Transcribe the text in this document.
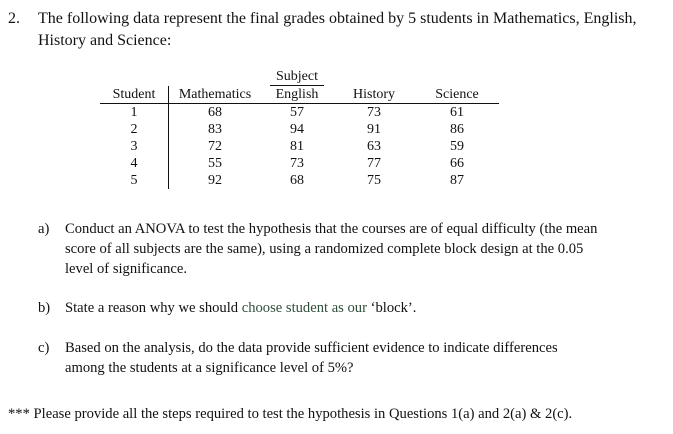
2. The following data represent the final grades obtained by 5 students in Mathematics, English,
History and Science:
		Subject		
Student	Mathematics	English	History	Science
1	68	57	73	61
2	83	94	91	86
3	72	81	63	59
4	55	73	77	66
5	92	68	75	87
a) Conduct an ANOVA to test the hypothesis that the courses are of equal difficulty (the mean
score of all subjects are the same), using a randomized complete block design at the 0.05
level of significance.
b) State a reason why we should choose student as our ‘block’.
c) Based on the analysis, do the data provide sufficient evidence to indicate differences
among the students at a significance level of 5%?
*** Please provide all the steps required to test the hypothesis in Questions 1(a) and 2(a) & 2(c).
